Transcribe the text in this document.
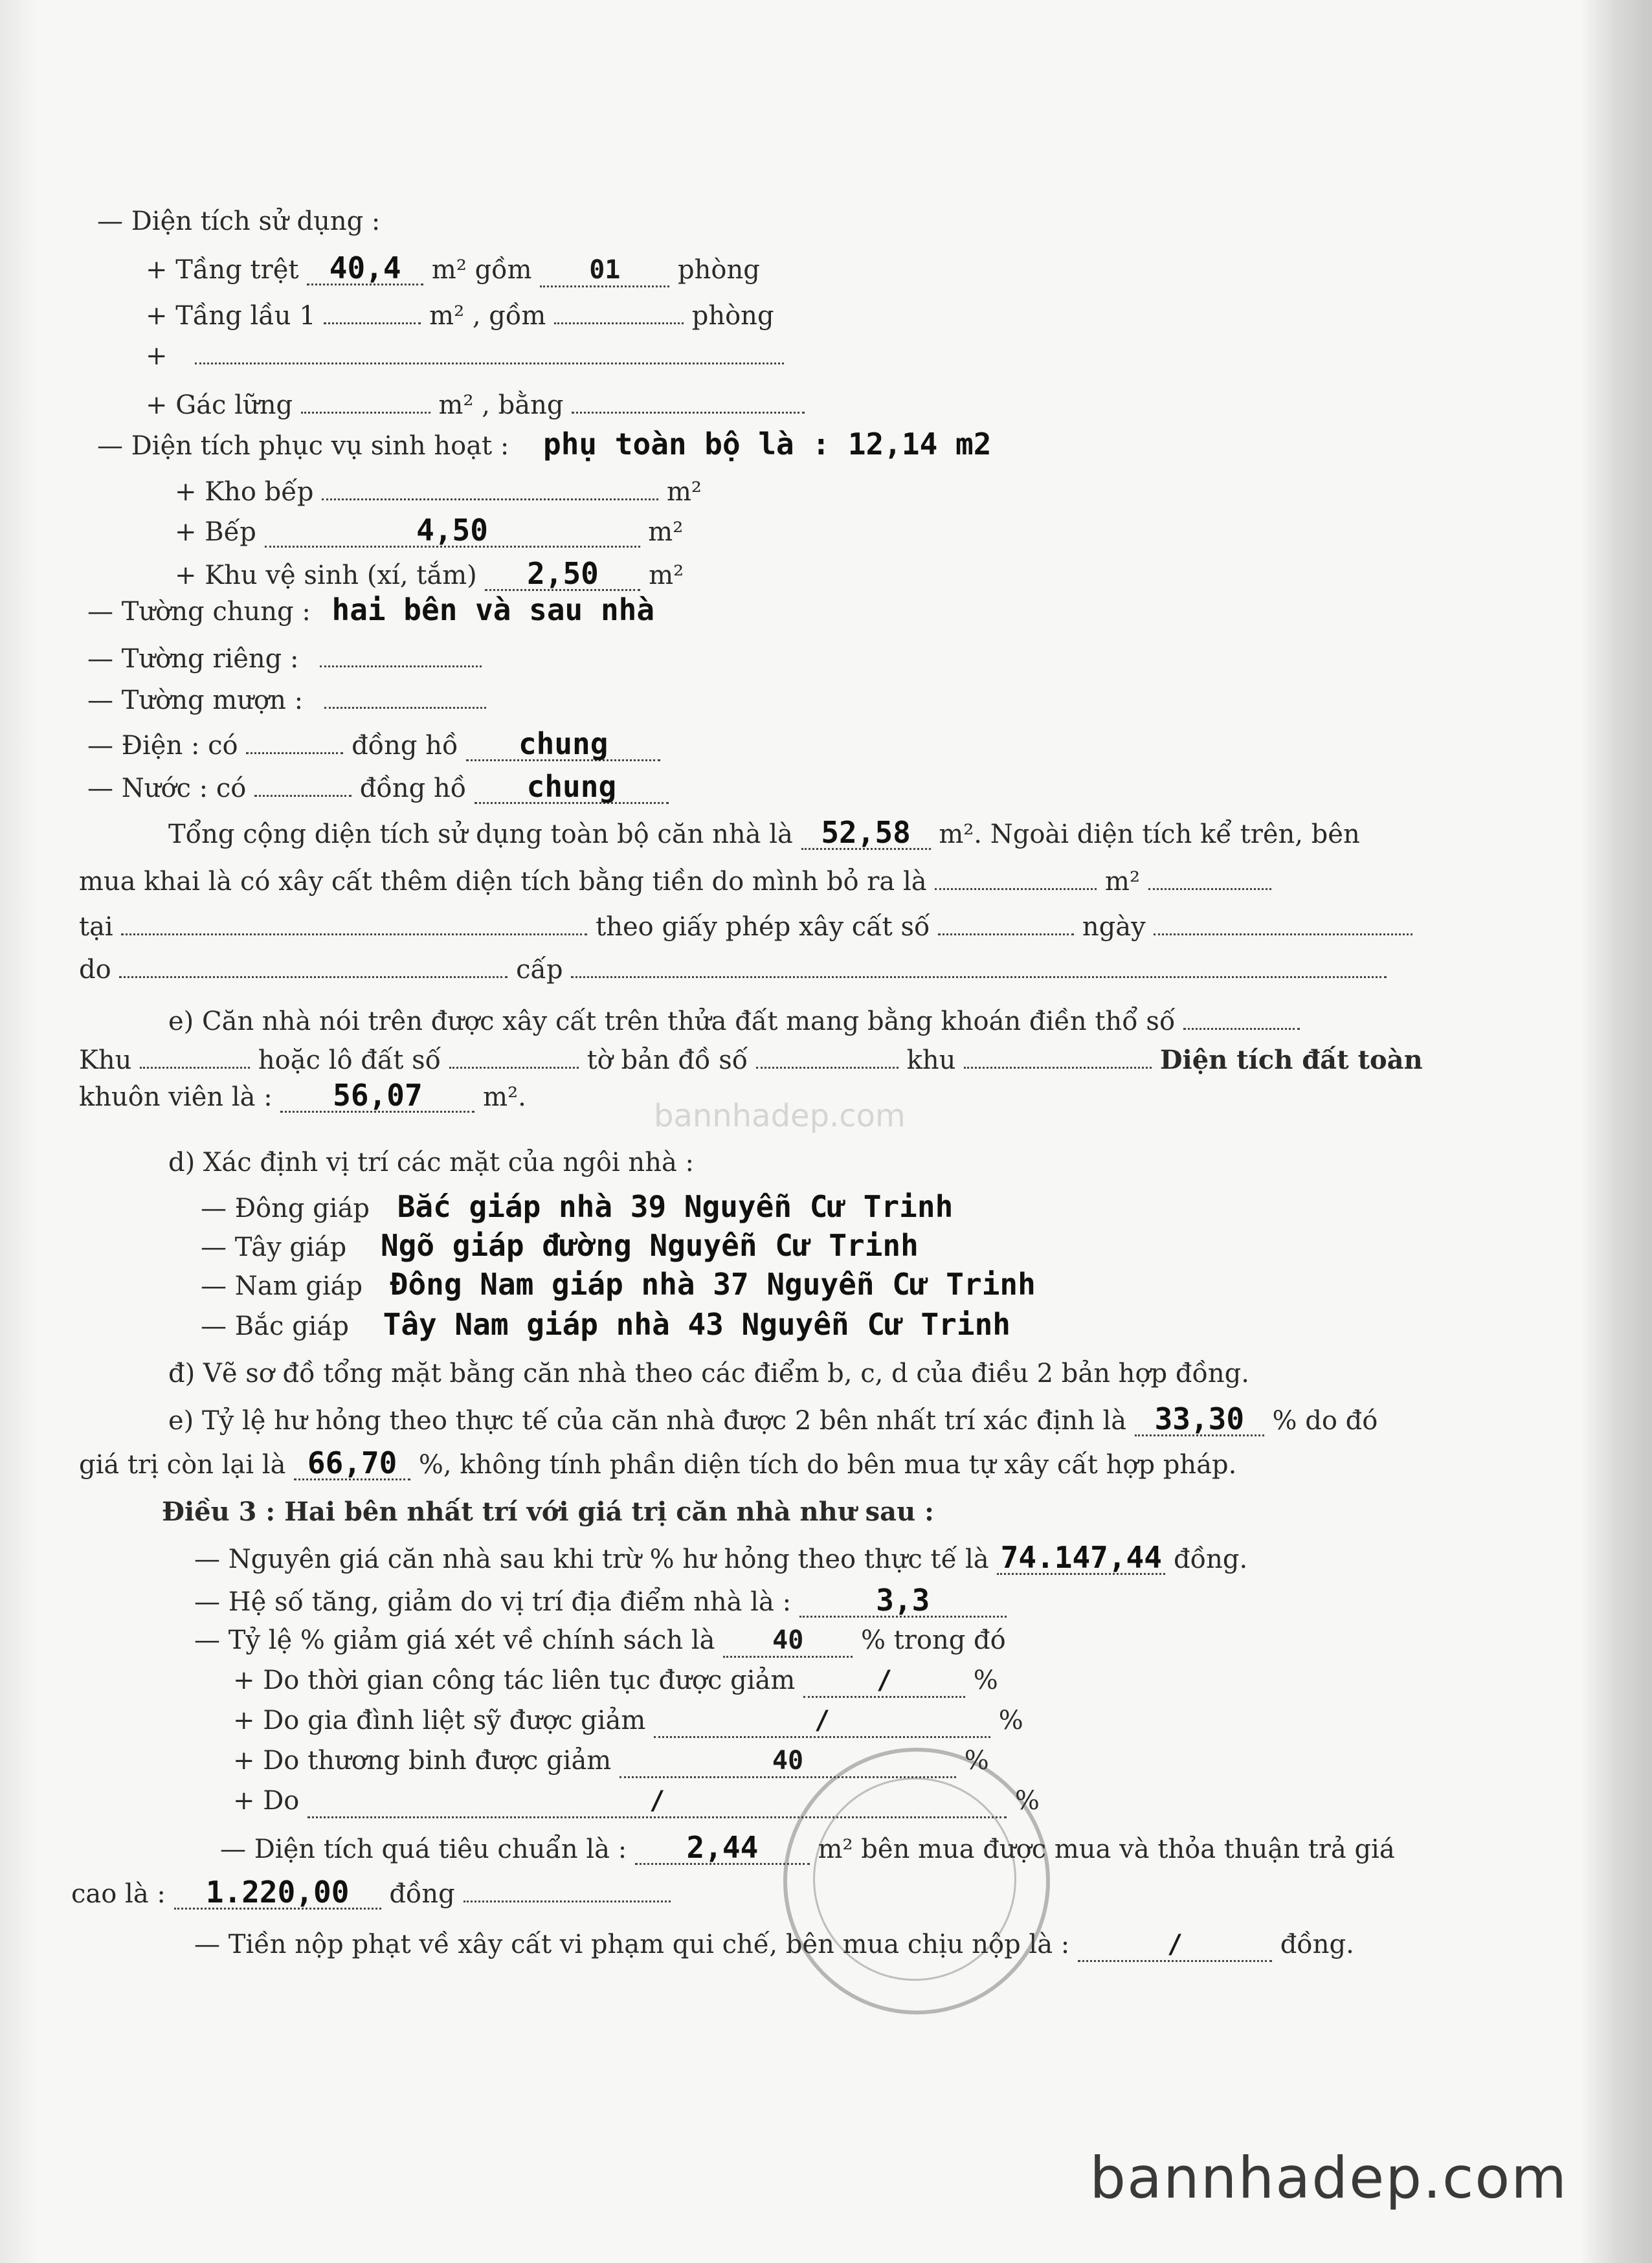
— Diện tích sử dụng :
+ Tầng trệt 40,4 m² gồm 01 phòng
+ Tầng lầu 1	m² , gồm	phòng
+
+ Gác lững	m² , bằng
— Diện tích phục vụ sinh hoạt : phụ toàn bộ là : 12,14 m2
+ Kho bếp	m²
+ Bếp	4,50	m²
+ Khu vệ sinh (xí, tắm) 2,50 m²
— Tường chung : hai bên và sau nhà
— Tường riêng :
— Tường mượn :
— Điện : có	đồng hồ chung
— Nước : có	đồng hồ chung
Tổng cộng diện tích sử dụng toàn bộ căn nhà là 52,58 m². Ngoài diện tích kể trên, bên
mua khai là có xây cất thêm diện tích bằng tiền do mình bỏ ra là	m²
tại	theo giấy phép xây cất số	ngày
do	cấp
e) Căn nhà nói trên được xây cất trên thửa đất mang bằng khoán điền thổ số
Khu	hoặc lô đất số	tờ bản đồ số	khu	Diện tích đất toàn
khuôn viên là : 56,07 m².
bannhadep.com
d) Xác định vị trí các mặt của ngôi nhà :
— Đông giáp Bắc giáp nhà 39 Nguyễn Cư Trinh
— Tây giáp Ngõ giáp đường Nguyễn Cư Trinh
— Nam giáp Đông Nam giáp nhà 37 Nguyễn Cư Trinh
— Bắc giáp Tây Nam giáp nhà 43 Nguyễn Cư Trinh
đ) Vẽ sơ đồ tổng mặt bằng căn nhà theo các điểm b, c, d của điều 2 bản hợp đồng.
e) Tỷ lệ hư hỏng theo thực tế của căn nhà được 2 bên nhất trí xác định là 33,30 % do đó
giá trị còn lại là 66,70 %, không tính phần diện tích do bên mua tự xây cất hợp pháp.
Điều 3 : Hai bên nhất trí với giá trị căn nhà như sau :
— Nguyên giá căn nhà sau khi trừ % hư hỏng theo thực tế là 74.147,44 đồng.
— Hệ số tăng, giảm do vị trí địa điểm nhà là :	3,3
— Tỷ lệ % giảm giá xét về chính sách là 40 % trong đó
+ Do thời gian công tác liên tục được giảm	/	%
+ Do gia đình liệt sỹ được giảm	/	%
+ Do thương binh được giảm	40	%
+ Do	/	%
— Diện tích quá tiêu chuẩn là : 2,44 m² bên mua được mua và thỏa thuận trả giá
cao là : 1.220,00 đồng
— Tiền nộp phạt về xây cất vi phạm qui chế, bên mua chịu nộp là :	/	đồng.
bannhadep.com
